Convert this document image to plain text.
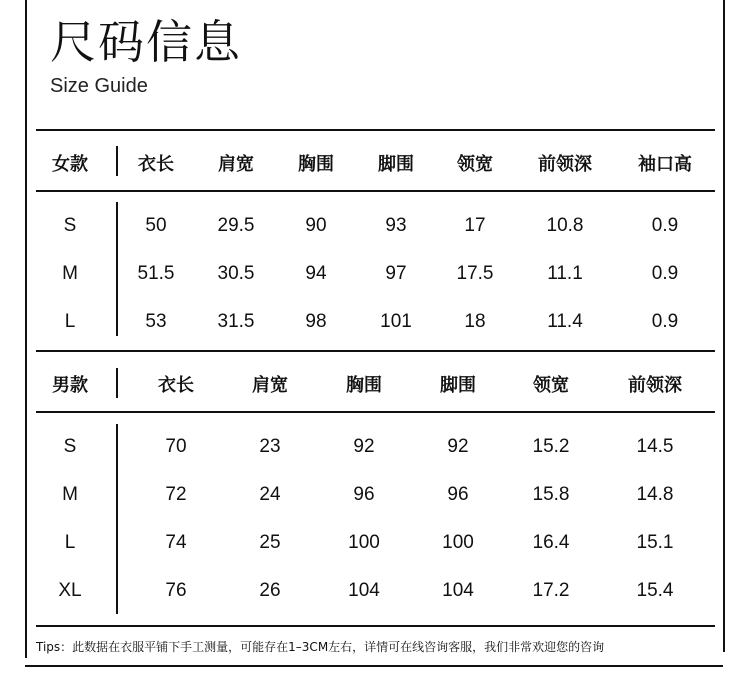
尺码信息
Size Guide
女款	衣长 肩宽 胸围 脚围 领宽	前领深	袖口高
S	50	29.5	90	93	17	10.8	0.9
M	51.5 30.5	94	97	17.5	11.1	0.9
L	53	31.5	98	101	18	11.4	0.9
男款	衣长	肩宽	胸围	脚围	领宽	前领深
S	70	23	92	92	15.2	14.5
M	72	24	96	96	15.8	14.8
L	74	25	100	100	16.4	15.1
XL	76	26	104	104	17.2	15.4
Tips：此数据在衣服平铺下手工测量，可能存在1–3CM左右，详情可在线咨询客服，我们非常欢迎您的咨询
